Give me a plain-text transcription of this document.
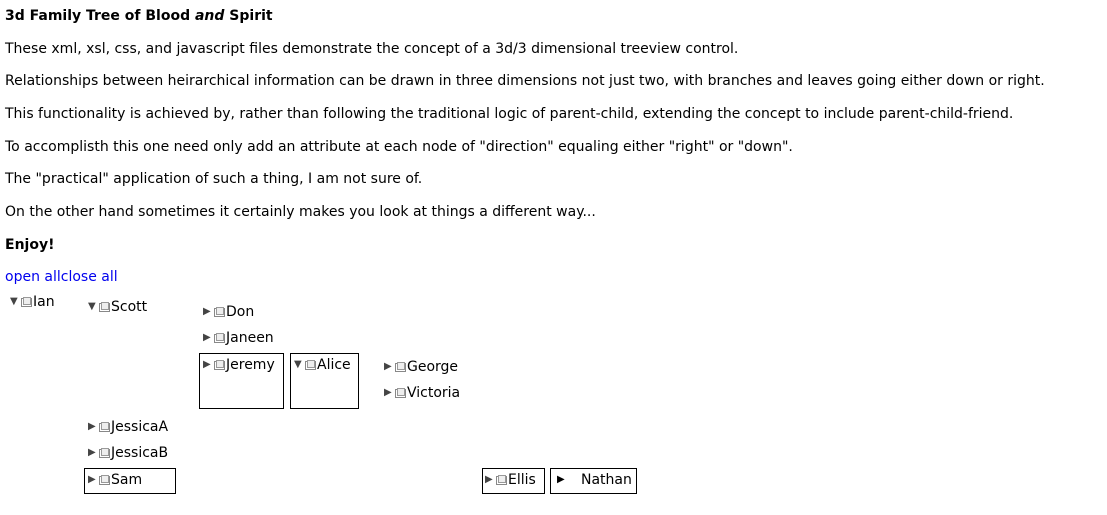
3d Family Tree of Blood and Spirit

These xml, xsl, css, and javascript files demonstrate the concept of a 3d/3 dimensional treeview control.

Relationships between heirarchical information can be drawn in three dimensions not just two, with branches and leaves going either down or right.

This functionality is achieved by, rather than following the traditional logic of parent-child, extending the concept to include parent-child-friend.

To accomplisth this one need only add an attribute at each node of "direction" equaling either "right" or "down".

The "practical" application of such a thing, I am not sure of.

On the other hand sometimes it certainly makes you look at things a different way...

Enjoy!

open allclose all
▼ Ian	▼ Scott	▶ Don
▶ Janeen
▶ Jeremy ▼ Alice	▶ George
▶ Victoria
▶ JessicaA
▶ JessicaB
▶ Sam	▶ Ellis ▶	Nathan
